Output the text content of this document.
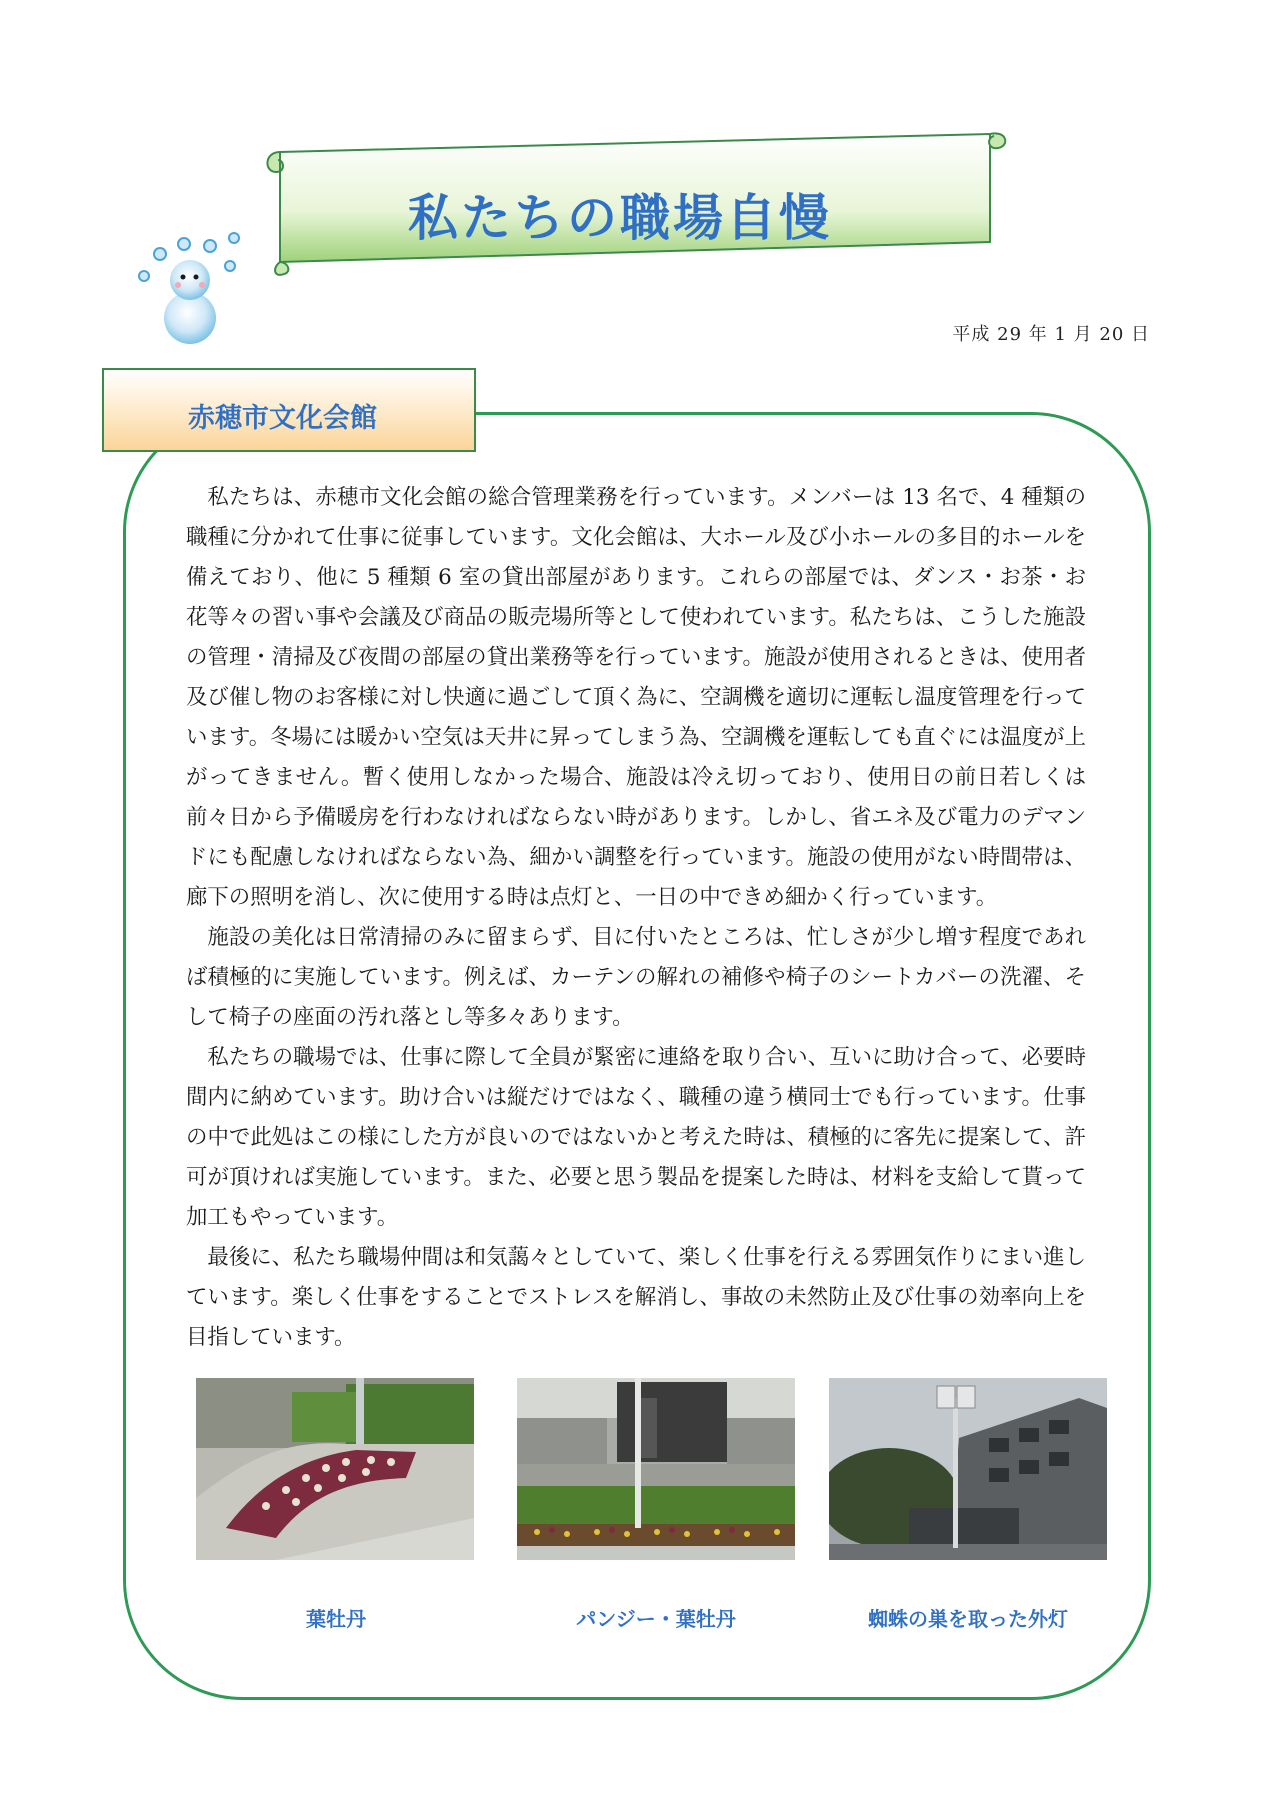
私たちの職場自慢
平成 29 年 1 月 20 日
赤穂市文化会館

私たちは、赤穂市文化会館の総合管理業務を行っています。メンバーは 13 名で、4 種類の職種に分かれて仕事に従事しています。文化会館は、大ホール及び小ホールの多目的ホールを備えており、他に 5 種類 6 室の貸出部屋があります。これらの部屋では、ダンス・お茶・お花等々の習い事や会議及び商品の販売場所等として使われています。私たちは、こうした施設の管理・清掃及び夜間の部屋の貸出業務等を行っています。施設が使用されるときは、使用者及び催し物のお客様に対し快適に過ごして頂く為に、空調機を適切に運転し温度管理を行っています。冬場には暖かい空気は天井に昇ってしまう為、空調機を運転しても直ぐには温度が上がってきません。暫く使用しなかった場合、施設は冷え切っており、使用日の前日若しくは前々日から予備暖房を行わなければならない時があります。しかし、省エネ及び電力のデマンドにも配慮しなければならない為、細かい調整を行っています。施設の使用がない時間帯は、廊下の照明を消し、次に使用する時は点灯と、一日の中できめ細かく行っています。

施設の美化は日常清掃のみに留まらず、目に付いたところは、忙しさが少し増す程度であれば積極的に実施しています。例えば、カーテンの解れの補修や椅子のシートカバーの洗濯、そして椅子の座面の汚れ落とし等多々あります。

私たちの職場では、仕事に際して全員が緊密に連絡を取り合い、互いに助け合って、必要時間内に納めています。助け合いは縦だけではなく、職種の違う横同士でも行っています。仕事の中で此処はこの様にした方が良いのではないかと考えた時は、積極的に客先に提案して、許可が頂ければ実施しています。また、必要と思う製品を提案した時は、材料を支給して貰って加工もやっています。

最後に、私たち職場仲間は和気藹々としていて、楽しく仕事を行える雰囲気作りにまい進しています。楽しく仕事をすることでストレスを解消し、事故の未然防止及び仕事の効率向上を目指しています。

葉牡丹	パンジー・葉牡丹	蜘蛛の巣を取った外灯
